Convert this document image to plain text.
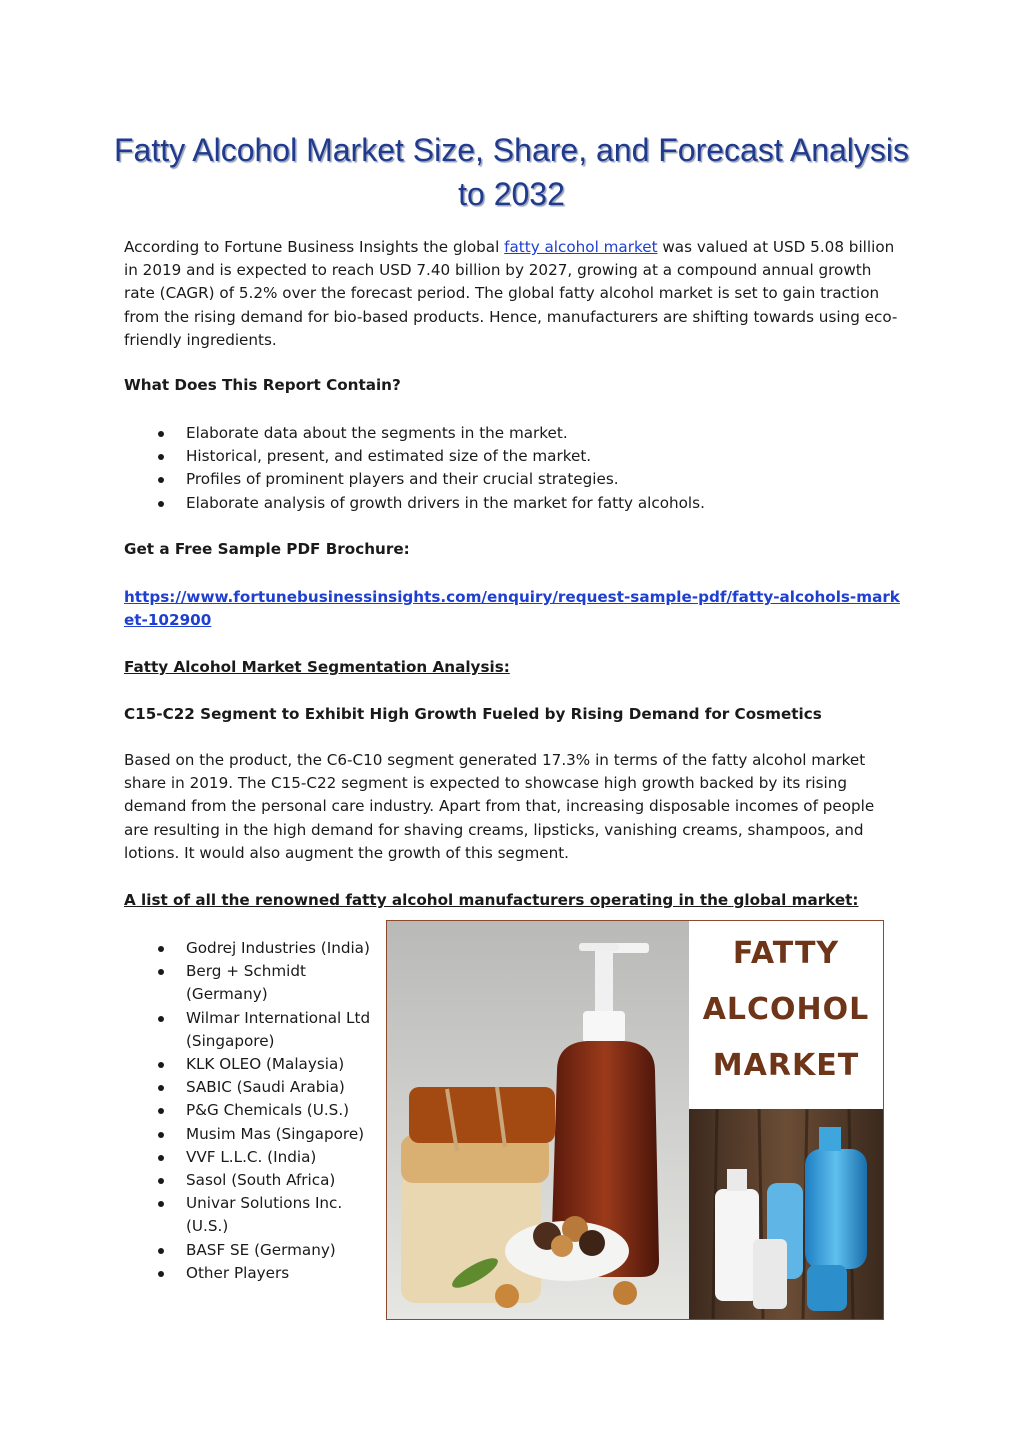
Fatty Alcohol Market Size, Share, and Forecast Analysis to 2032
According to Fortune Business Insights the global fatty alcohol market was valued at USD 5.08 billion in 2019 and is expected to reach USD 7.40 billion by 2027, growing at a compound annual growth rate (CAGR) of 5.2% over the forecast period. The global fatty alcohol market is set to gain traction from the rising demand for bio-based products. Hence, manufacturers are shifting towards using eco-friendly ingredients.
What Does This Report Contain?
Elaborate data about the segments in the market.
Historical, present, and estimated size of the market.
Profiles of prominent players and their crucial strategies.
Elaborate analysis of growth drivers in the market for fatty alcohols.
Get a Free Sample PDF Brochure:
https://www.fortunebusinessinsights.com/enquiry/request-sample-pdf/fatty-alcohols-market-102900
Fatty Alcohol Market Segmentation Analysis:
C15-C22 Segment to Exhibit High Growth Fueled by Rising Demand for Cosmetics
Based on the product, the C6-C10 segment generated 17.3% in terms of the fatty alcohol market share in 2019. The C15-C22 segment is expected to showcase high growth backed by its rising demand from the personal care industry. Apart from that, increasing disposable incomes of people are resulting in the high demand for shaving creams, lipsticks, vanishing creams, shampoos, and lotions. It would also augment the growth of this segment.
A list of all the renowned fatty alcohol manufacturers operating in the global market:
Godrej Industries (India)
Berg + Schmidt (Germany)
Wilmar International Ltd (Singapore)
KLK OLEO (Malaysia)
SABIC (Saudi Arabia)
P&G Chemicals (U.S.)
Musim Mas (Singapore)
VVF L.L.C. (India)
Sasol (South Africa)
Univar Solutions Inc. (U.S.)
BASF SE (Germany)
Other Players
FATTY
ALCOHOL
MARKET
